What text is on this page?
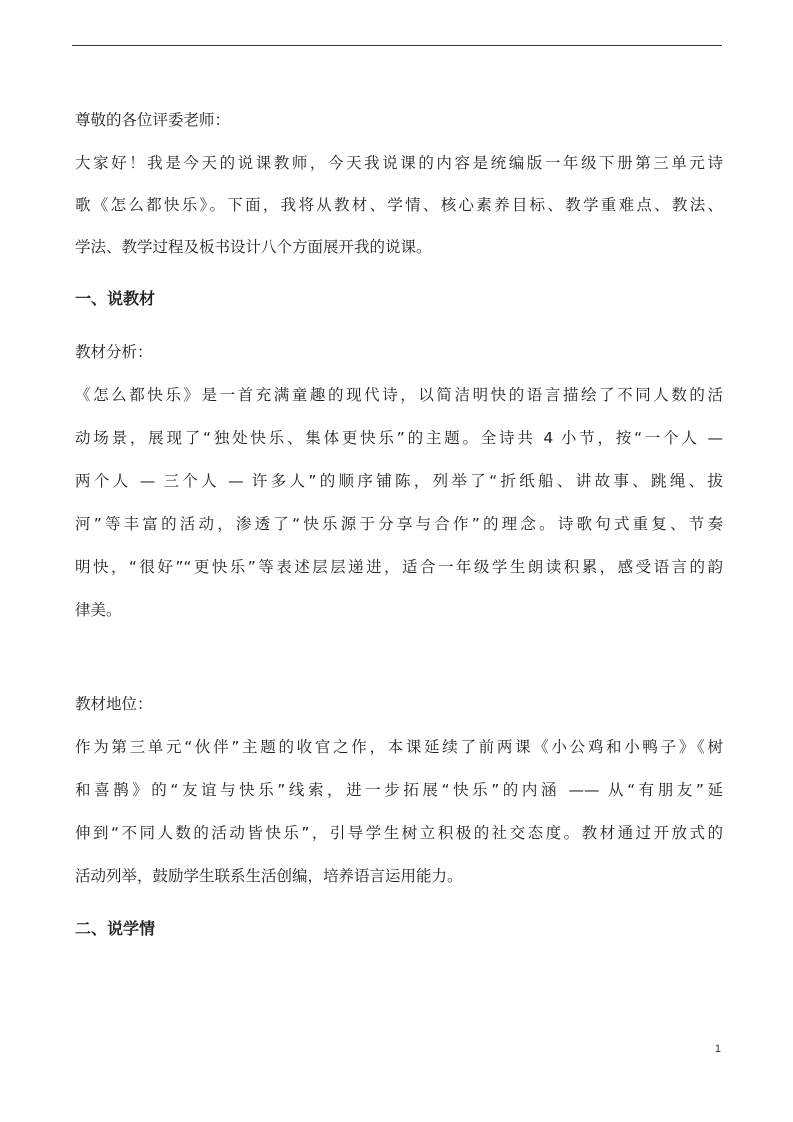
尊敬的各位评委老师：
大家好！我是今天的说课教师，今天我说课的内容是统编版一年级下册第三单元诗
歌《怎么都快乐》。下面，我将从教材、学情、核心素养目标、教学重难点、教法、
学法、教学过程及板书设计八个方面展开我的说课。
一、说教材
教材分析：
《怎么都快乐》是一首充满童趣的现代诗，以简洁明快的语言描绘了不同人数的活
动场景，展现了“独处快乐、集体更快乐”的主题。全诗共 4 小节，按“一个人 —
两个人 — 三个人 — 许多人”的顺序铺陈，列举了“折纸船、讲故事、跳绳、拔
河”等丰富的活动，渗透了“快乐源于分享与合作”的理念。诗歌句式重复、节奏
明快，“很好”“更快乐”等表述层层递进，适合一年级学生朗读积累，感受语言的韵
律美。
教材地位：
作为第三单元“伙伴”主题的收官之作，本课延续了前两课《小公鸡和小鸭子》《树
和喜鹊》的“友谊与快乐”线索，进一步拓展“快乐”的内涵 —— 从“有朋友”延
伸到“不同人数的活动皆快乐”，引导学生树立积极的社交态度。教材通过开放式的
活动列举，鼓励学生联系生活创编，培养语言运用能力。
二、说学情
1
